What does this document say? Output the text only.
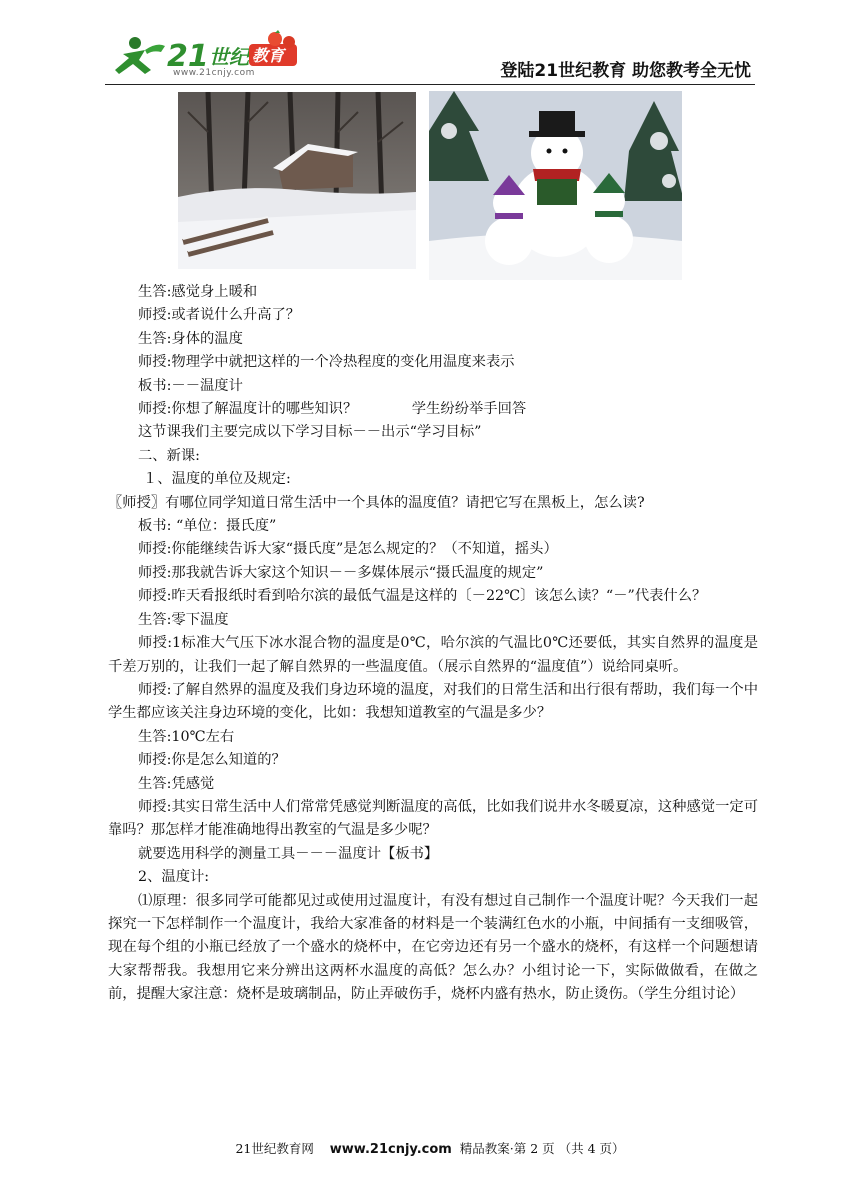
21 世纪 教育
www.21cnjy.com	登陆21世纪教育 助您教考全无忧

生答:感觉身上暖和

师授:或者说什么升高了？

生答:身体的温度

师授:物理学中就把这样的一个冷热程度的变化用温度来表示

板书:－－温度计

师授:你想了解温度计的哪些知识？            学生纷纷举手回答

这节课我们主要完成以下学习目标－－出示“学习目标”

二、新课:

１、温度的单位及规定:

〖师授〗有哪位同学知道日常生活中一个具体的温度值？请把它写在黑板上，怎么读?

板书: “单位：摄氏度”

师授:你能继续告诉大家“摄氏度”是怎么规定的？（不知道，摇头）

师授:那我就告诉大家这个知识－－多媒体展示“摄氏温度的规定”

师授:昨天看报纸时看到哈尔滨的最低气温是这样的〔－22℃〕该怎么读？“－”代表什么？

生答:零下温度

师授:1标准大气压下冰水混合物的温度是0℃，哈尔滨的气温比0℃还要低，其实自然界的温度是千差万别的，让我们一起了解自然界的一些温度值。（展示自然界的“温度值”）说给同桌听。

师授:了解自然界的温度及我们身边环境的温度，对我们的日常生活和出行很有帮助，我们每一个中学生都应该关注身边环境的变化，比如：我想知道教室的气温是多少？

生答:10℃左右

师授:你是怎么知道的？

生答:凭感觉

师授:其实日常生活中人们常常凭感觉判断温度的高低，比如我们说井水冬暖夏凉，这种感觉一定可靠吗？那怎样才能准确地得出教室的气温是多少呢？

就要选用科学的测量工具－－－温度计【板书】

2、温度计:

⑴原理：很多同学可能都见过或使用过温度计，有没有想过自己制作一个温度计呢？今天我们一起探究一下怎样制作一个温度计，我给大家准备的材料是一个装满红色水的小瓶，中间插有一支细吸管，现在每个组的小瓶已经放了一个盛水的烧杯中，在它旁边还有另一个盛水的烧杯，有这样一个问题想请大家帮帮我。我想用它来分辨出这两杯水温度的高低？怎么办？小组讨论一下，实际做做看，在做之前，提醒大家注意：烧杯是玻璃制品，防止弄破伤手，烧杯内盛有热水，防止烫伤。（学生分组讨论）

21世纪教育网 www.21cnjy.com 精品教案·第 2 页 （共 4 页）
